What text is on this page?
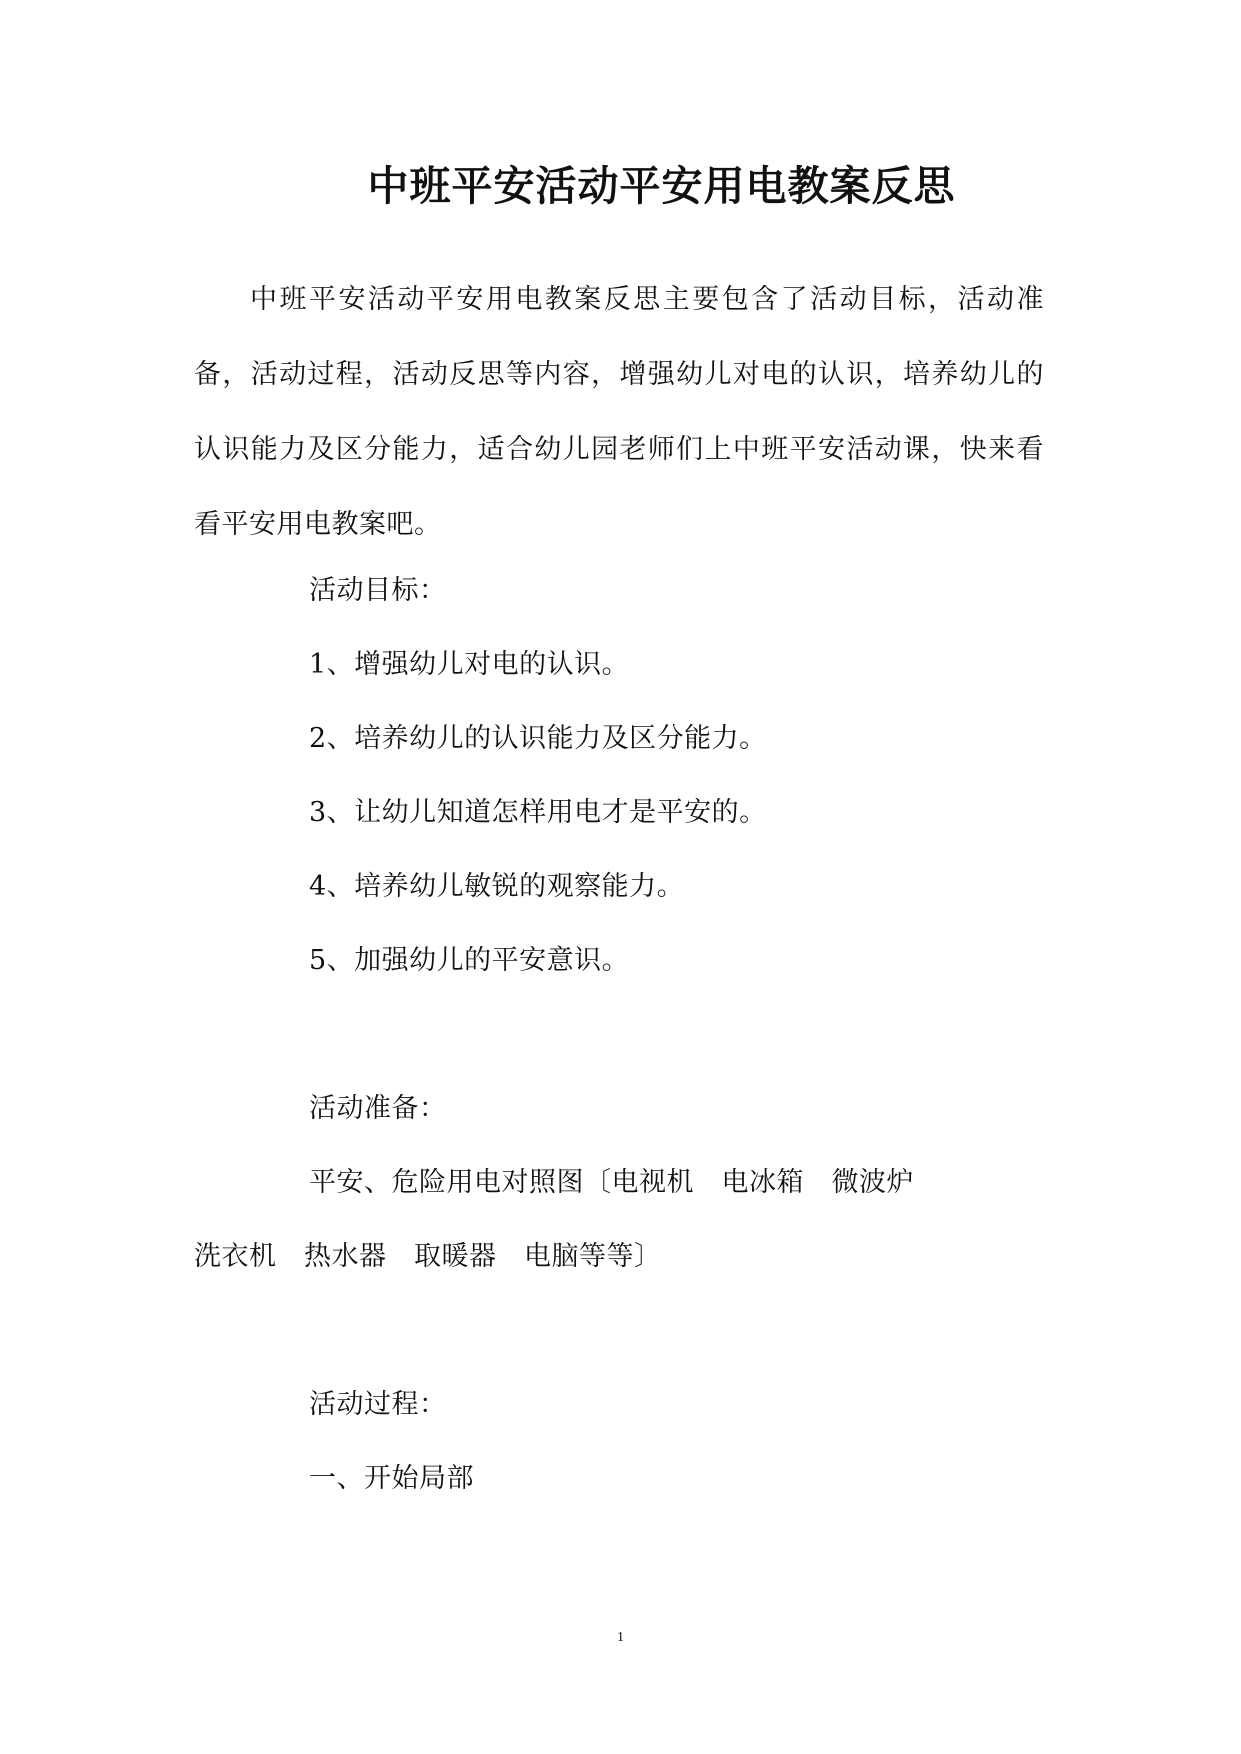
中班平安活动平安用电教案反思
中班平安活动平安用电教案反思主要包含了活动目标，活动准备，活动过程，活动反思等内容，增强幼儿对电的认识，培养幼儿的认识能力及区分能力，适合幼儿园老师们上中班平安活动课，快来看看平安用电教案吧。
活动目标：
1、增强幼儿对电的认识。
2、培养幼儿的认识能力及区分能力。
3、让幼儿知道怎样用电才是平安的。
4、培养幼儿敏锐的观察能力。
5、加强幼儿的平安意识。
活动准备：
平安、危险用电对照图〔电视机　电冰箱　微波炉
洗衣机　热水器　取暖器　电脑等等〕
活动过程：
一、开始局部
1
